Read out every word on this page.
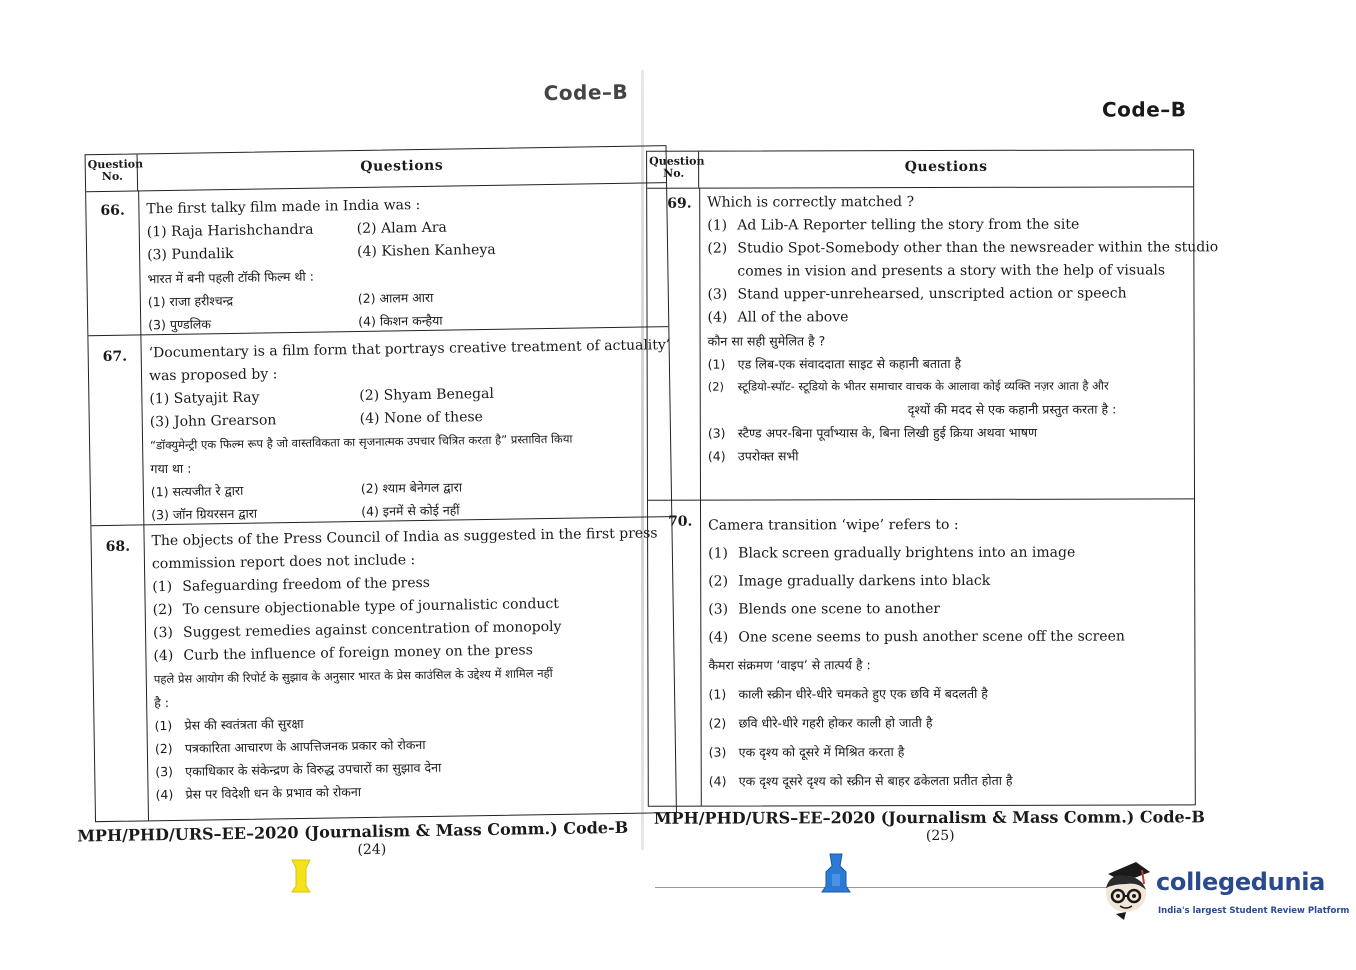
Code–B
Question No.
Questions
66. The first talky film made in India was :
(1) Raja Harishchandra	(2) Alam Ara
(3) Pundalik	(4) Kishen Kanheya
भारत में बनी पहली टॉकी फिल्म थी :
(1) राजा हरीश्चन्द्र	(2) आलम आरा
(3) पुण्डलिक	(4) किशन कन्हैया
67. ‘Documentary is a film form that portrays creative treatment of actuality’
was proposed by :
(1) Satyajit Ray	(2) Shyam Benegal
(3) John Grearson	(4) None of these
“डॉक्युमेन्ट्री एक फिल्म रूप है जो वास्तविकता का सृजनात्मक उपचार चित्रित करता है” प्रस्तावित किया
गया था :
(1) सत्यजीत रे द्वारा	(2) श्याम बेनेगल द्वारा
(3) जॉन ग्रियरसन द्वारा	(4) इनमें से कोई नहीं
68. The objects of the Press Council of India as suggested in the first press
commission report does not include :
(1) Safeguarding freedom of the press
(2) To censure objectionable type of journalistic conduct
(3) Suggest remedies against concentration of monopoly
(4) Curb the influence of foreign money on the press
पहले प्रेस आयोग की रिपोर्ट के सुझाव के अनुसार भारत के प्रेस काउंसिल के उद्देश्य में शामिल नहीं
है :
(1) प्रेस की स्वतंत्रता की सुरक्षा
(2) पत्रकारिता आचारण के आपत्तिजनक प्रकार को रोकना
(3) एकाधिकार के संकेन्द्रण के विरुद्ध उपचारों का सुझाव देना
(4) प्रेस पर विदेशी धन के प्रभाव को रोकना
MPH/PHD/URS–EE–2020 (Journalism & Mass Comm.) Code-B
(24)
Code–B
Question No.	Questions
69. Which is correctly matched ?
(1) Ad Lib-A Reporter telling the story from the site
(2) Studio Spot-Somebody other than the newsreader within the studio
comes in vision and presents a story with the help of visuals
(3) Stand upper-unrehearsed, unscripted action or speech
(4) All of the above
कौन सा सही सुमेलित है ?
(1) एड लिब-एक संवाददाता साइट से कहानी बताता है
(2) स्टूडियो-स्पॉट- स्टूडियो के भीतर समाचार वाचक के आलावा कोई व्यक्ति नज़र आता है और
दृश्यों की मदद से एक कहानी प्रस्तुत करता है :
(3) स्टैण्ड अपर-बिना पूर्वाभ्यास के, बिना लिखी हुई क्रिया अथवा भाषण
(4) उपरोक्त सभी
70. Camera transition ‘wipe’ refers to :
(1) Black screen gradually brightens into an image
(2) Image gradually darkens into black
(3) Blends one scene to another
(4) One scene seems to push another scene off the screen
कैमरा संक्रमण ‘वाइप’ से तात्पर्य है :
(1) काली स्क्रीन धीरे-धीरे चमकते हुए एक छवि में बदलती है
(2) छवि धीरे-धीरे गहरी होकर काली हो जाती है
(3) एक दृश्य को दूसरे में मिश्रित करता है
(4) एक दृश्य दूसरे दृश्य को स्क्रीन से बाहर ढकेलता प्रतीत होता है
MPH/PHD/URS–EE–2020 (Journalism & Mass Comm.) Code-B
(25)
collegedunia
India's largest Student Review Platform
